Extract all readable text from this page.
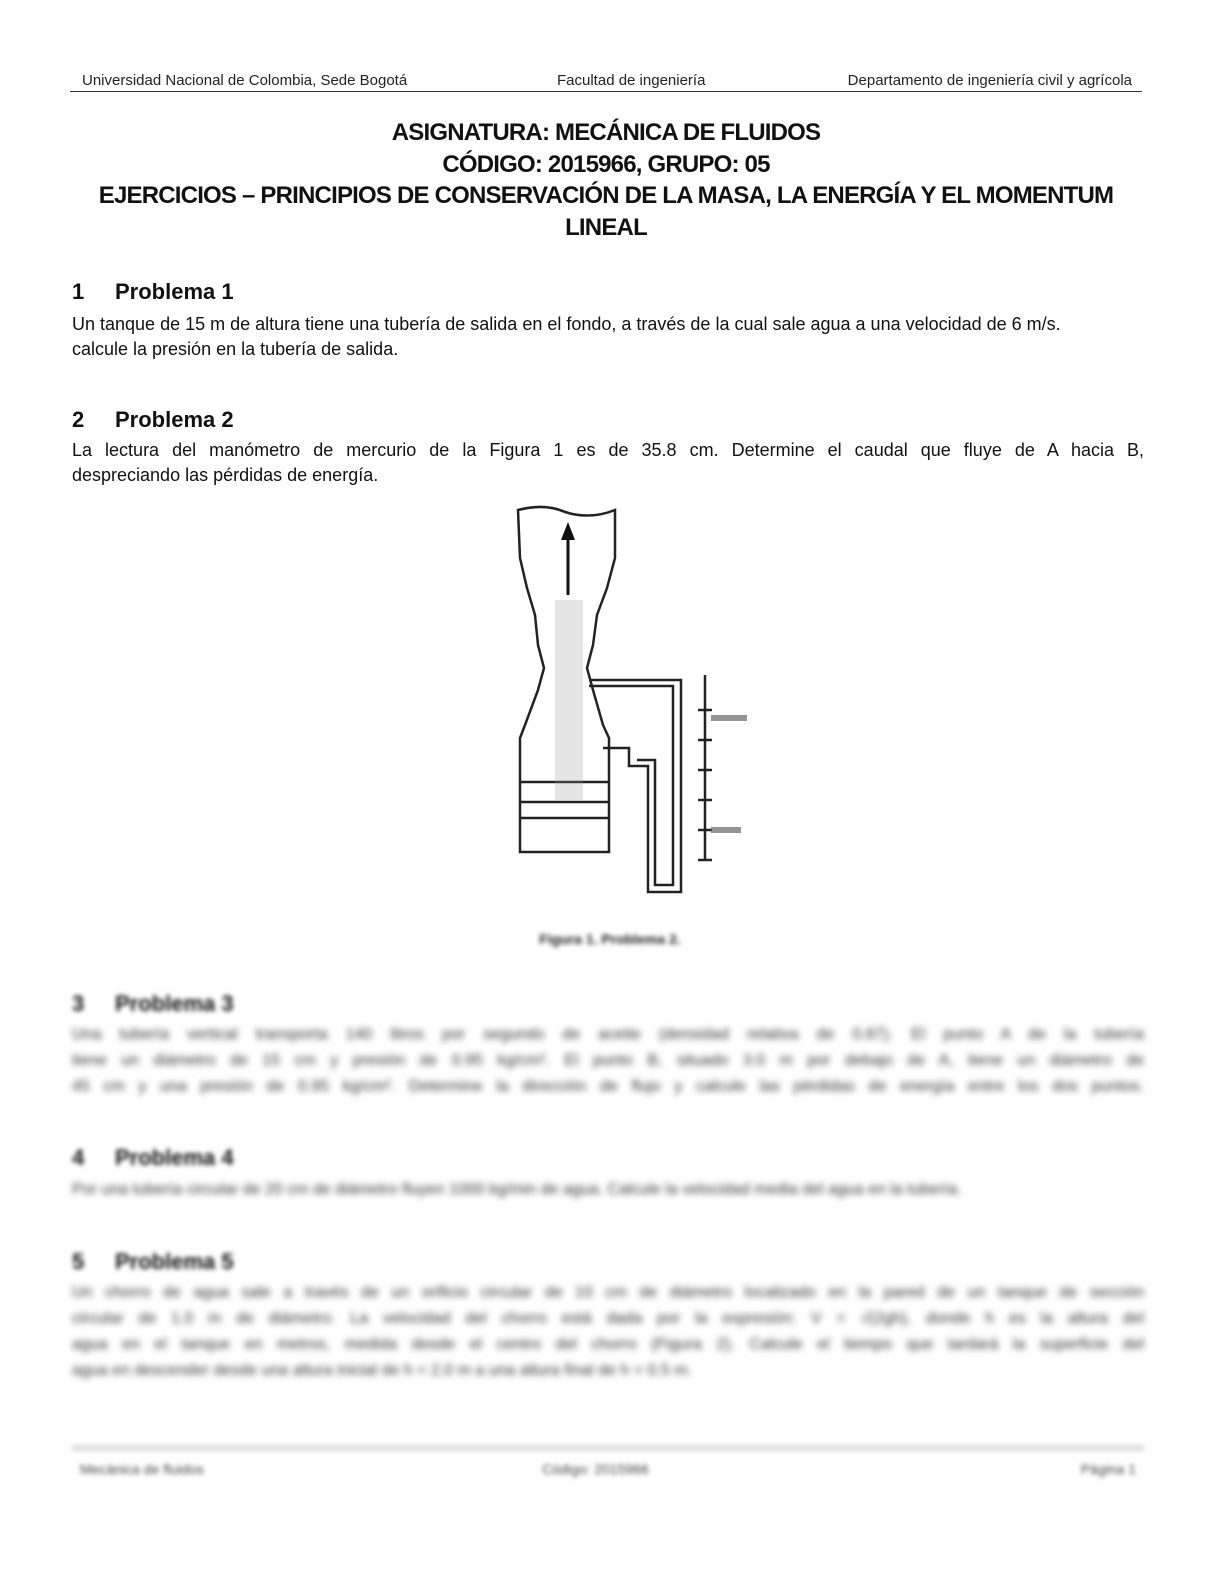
Universidad Nacional de Colombia, Sede Bogotá	Facultad de ingeniería	Departamento de ingeniería civil y agrícola
ASIGNATURA: MECÁNICA DE FLUIDOS
CÓDIGO: 2015966, GRUPO: 05
EJERCICIOS – PRINCIPIOS DE CONSERVACIÓN DE LA MASA, LA ENERGÍA Y EL MOMENTUM
LINEAL
1 Problema 1
Un tanque de 15 m de altura tiene una tubería de salida en el fondo, a través de la cual sale agua a una velocidad de 6 m/s.
calcule la presión en la tubería de salida.
2 Problema 2
La lectura del manómetro de mercurio de la Figura 1 es de 35.8 cm. Determine el caudal que fluye de A hacia B,
despreciando las pérdidas de energía.
Figura 1. Problema 2.
3 Problema 3
Una tubería vertical transporta 140 litros por segundo de aceite (densidad relativa de 0.87). El punto A de la tubería
tiene un diámetro de 15 cm y presión de 0.95 kg/cm². El punto B, situado 3.0 m por debajo de A, tiene un diámetro de
45 cm y una presión de 0.95 kg/cm². Determine la dirección de flujo y calcule las pérdidas de energía entre los dos puntos.
4 Problema 4
Por una tubería circular de 20 cm de diámetro fluyen 1000 kg/min de agua. Calcule la velocidad media del agua en la tubería.
5 Problema 5
Un chorro de agua sale a través de un orificio circular de 10 cm de diámetro localizado en la pared de un tanque de sección
circular de 1.0 m de diámetro. La velocidad del chorro está dada por la expresión: V = √(2gh), donde h es la altura del
agua en el tanque en metros, medida desde el centro del chorro (Figura 2). Calcule el tiempo que tardará la superficie del
agua en descender desde una altura inicial de h = 2.0 m a una altura final de h = 0.5 m.
Mecánica de fluidos	Código: 2015966	Página 1
